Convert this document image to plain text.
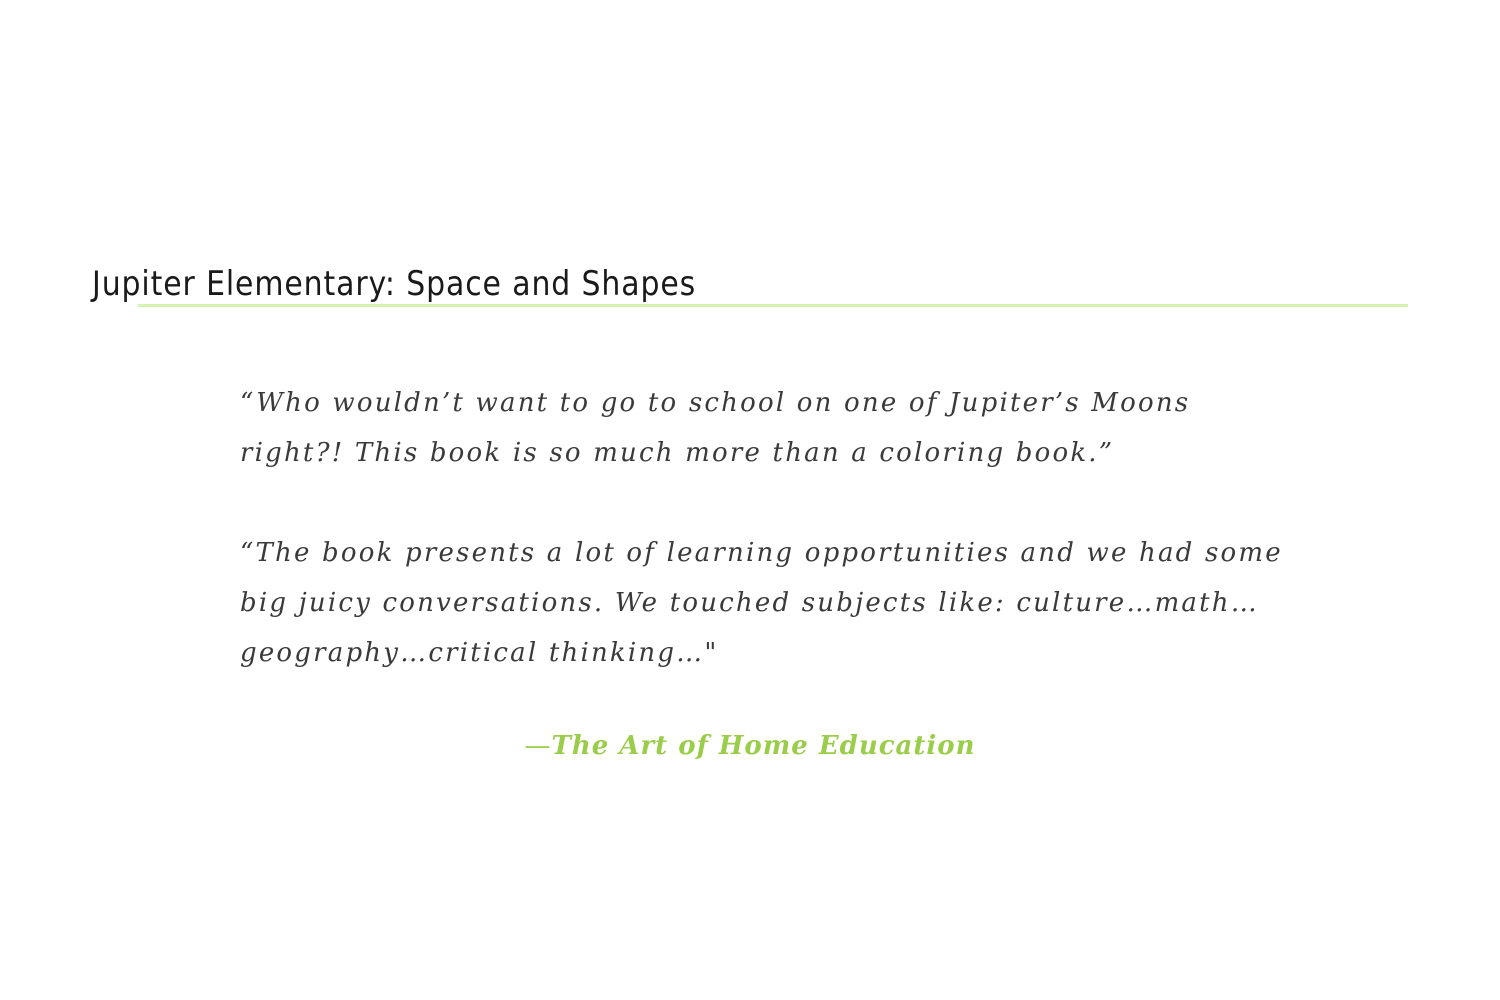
Jupiter Elementary: Space and Shapes

“Who wouldn’t want to go to school on one of Jupiter’s Moons right?! This book is so much more than a coloring book.”

“The book presents a lot of learning opportunities and we had some big juicy conversations. We touched subjects like: culture…math…geography…critical thinking…"

—The Art of Home Education
